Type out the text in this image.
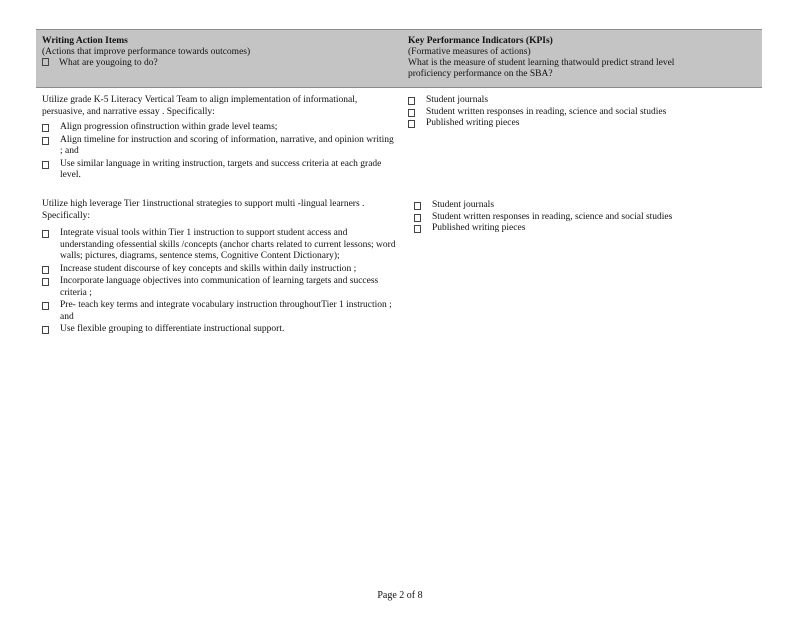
Writing Action Items
(Actions that improve performance towards outcomes)
What are yougoing to do?
Key Performance Indicators (KPIs)
(Formative measures of actions)
What is the measure of student learning thatwould predict strand level
proficiency performance on the SBA?

Utilize grade K-5 Literacy Vertical Team to align implementation of informational, persuasive, and narrative essay . Specifically:

Align progression ofinstruction within grade level teams;
Align timeline for instruction and scoring of information, narrative, and opinion writing ; and
Use similar language in writing instruction, targets and success criteria at each grade level.
Student journals
Student written responses in reading, science and social studies
Published writing pieces

Utilize high leverage Tier 1instructional strategies to support multi -lingual learners . Specifically:

Integrate visual tools within Tier 1 instruction to support student access and understanding ofessential skills /concepts (anchor charts related to current lessons; word walls; pictures, diagrams, sentence stems, Cognitive Content Dictionary);
Increase student discourse of key concepts and skills within daily instruction ;
Incorporate language objectives into communication of learning targets and success criteria ;
Pre- teach key terms and integrate vocabulary instruction throughoutTier 1 instruction ; and
Use flexible grouping to differentiate instructional support.
Student journals
Student written responses in reading, science and social studies
Published writing pieces
Page 2 of 8
